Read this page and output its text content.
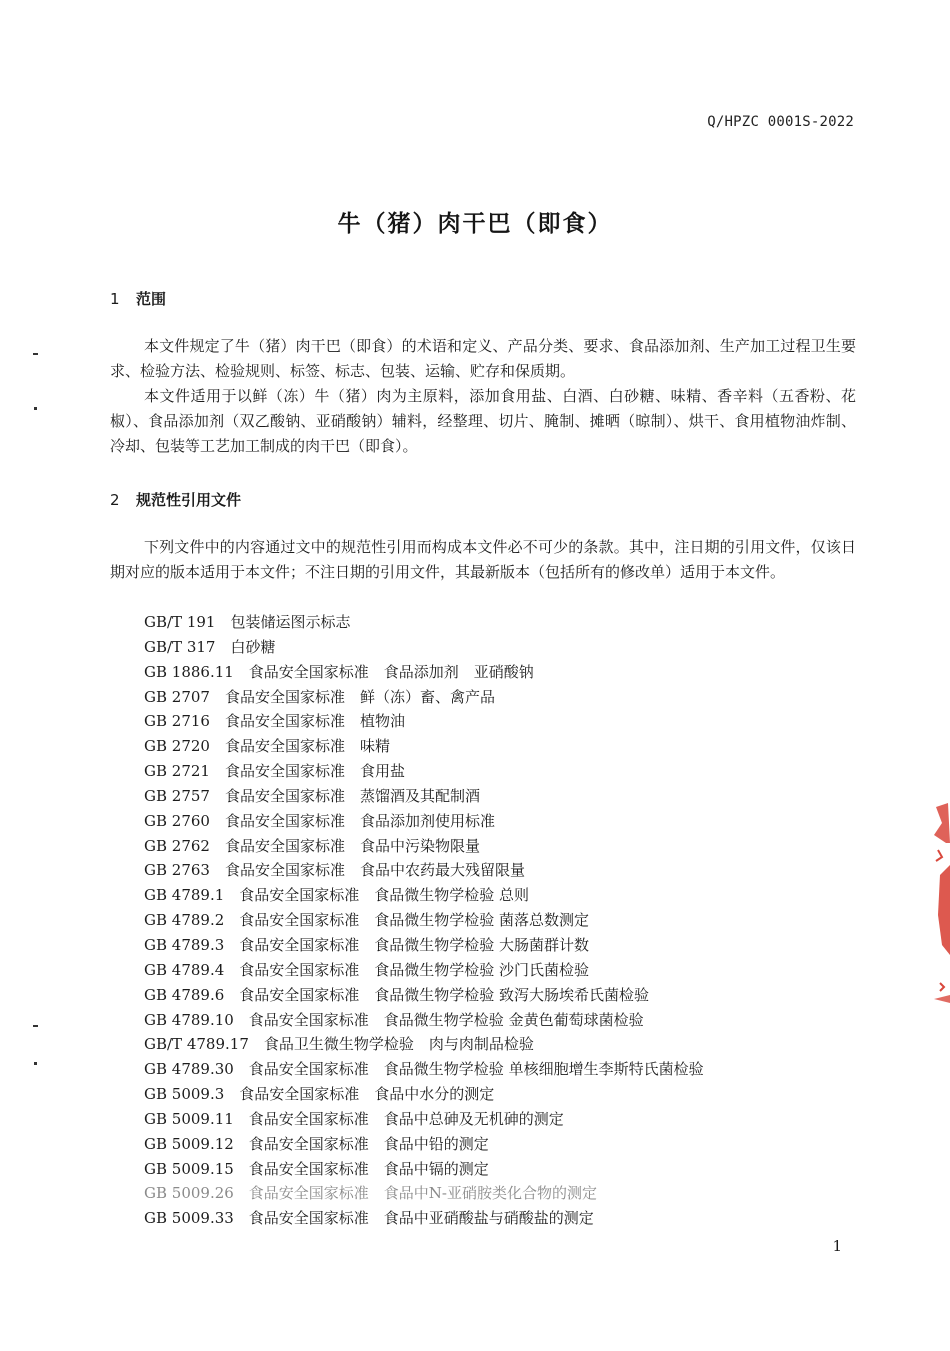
Q/HPZC 0001S-2022
牛（猪）肉干巴（即食）
1 范围

本文件规定了牛（猪）肉干巴（即食）的术语和定义、产品分类、要求、食品添加剂、生产加工过程卫生要求、检验方法、检验规则、标签、标志、包装、运输、贮存和保质期。

本文件适用于以鲜（冻）牛（猪）肉为主原料，添加食用盐、白酒、白砂糖、味精、香辛料（五香粉、花椒）、食品添加剂（双乙酸钠、亚硝酸钠）辅料，经整理、切片、腌制、摊晒（晾制）、烘干、食用植物油炸制、冷却、包装等工艺加工制成的肉干巴（即食）。

2 规范性引用文件

下列文件中的内容通过文中的规范性引用而构成本文件必不可少的条款。其中，注日期的引用文件，仅该日期对应的版本适用于本文件；不注日期的引用文件，其最新版本（包括所有的修改单）适用于本文件。

GB/T 191　包装储运图示标志
GB/T 317　白砂糖
GB 1886.11　食品安全国家标准　食品添加剂　亚硝酸钠
GB 2707　食品安全国家标准　鲜（冻）畜、禽产品
GB 2716　食品安全国家标准　植物油
GB 2720　食品安全国家标准　味精
GB 2721　食品安全国家标准　食用盐
GB 2757　食品安全国家标准　蒸馏酒及其配制酒
GB 2760　食品安全国家标准　食品添加剂使用标准
GB 2762　食品安全国家标准　食品中污染物限量
GB 2763　食品安全国家标准　食品中农药最大残留限量
GB 4789.1　食品安全国家标准　食品微生物学检验 总则
GB 4789.2　食品安全国家标准　食品微生物学检验 菌落总数测定
GB 4789.3　食品安全国家标准　食品微生物学检验 大肠菌群计数
GB 4789.4　食品安全国家标准　食品微生物学检验 沙门氏菌检验
GB 4789.6　食品安全国家标准　食品微生物学检验 致泻大肠埃希氏菌检验
GB 4789.10　食品安全国家标准　食品微生物学检验 金黄色葡萄球菌检验
GB/T 4789.17　食品卫生微生物学检验　肉与肉制品检验
GB 4789.30　食品安全国家标准　食品微生物学检验 单核细胞增生李斯特氏菌检验
GB 5009.3　食品安全国家标准　食品中水分的测定
GB 5009.11　食品安全国家标准　食品中总砷及无机砷的测定
GB 5009.12　食品安全国家标准　食品中铅的测定
GB 5009.15　食品安全国家标准　食品中镉的测定
GB 5009.26　食品安全国家标准　食品中N-亚硝胺类化合物的测定
GB 5009.33　食品安全国家标准　食品中亚硝酸盐与硝酸盐的测定
1
